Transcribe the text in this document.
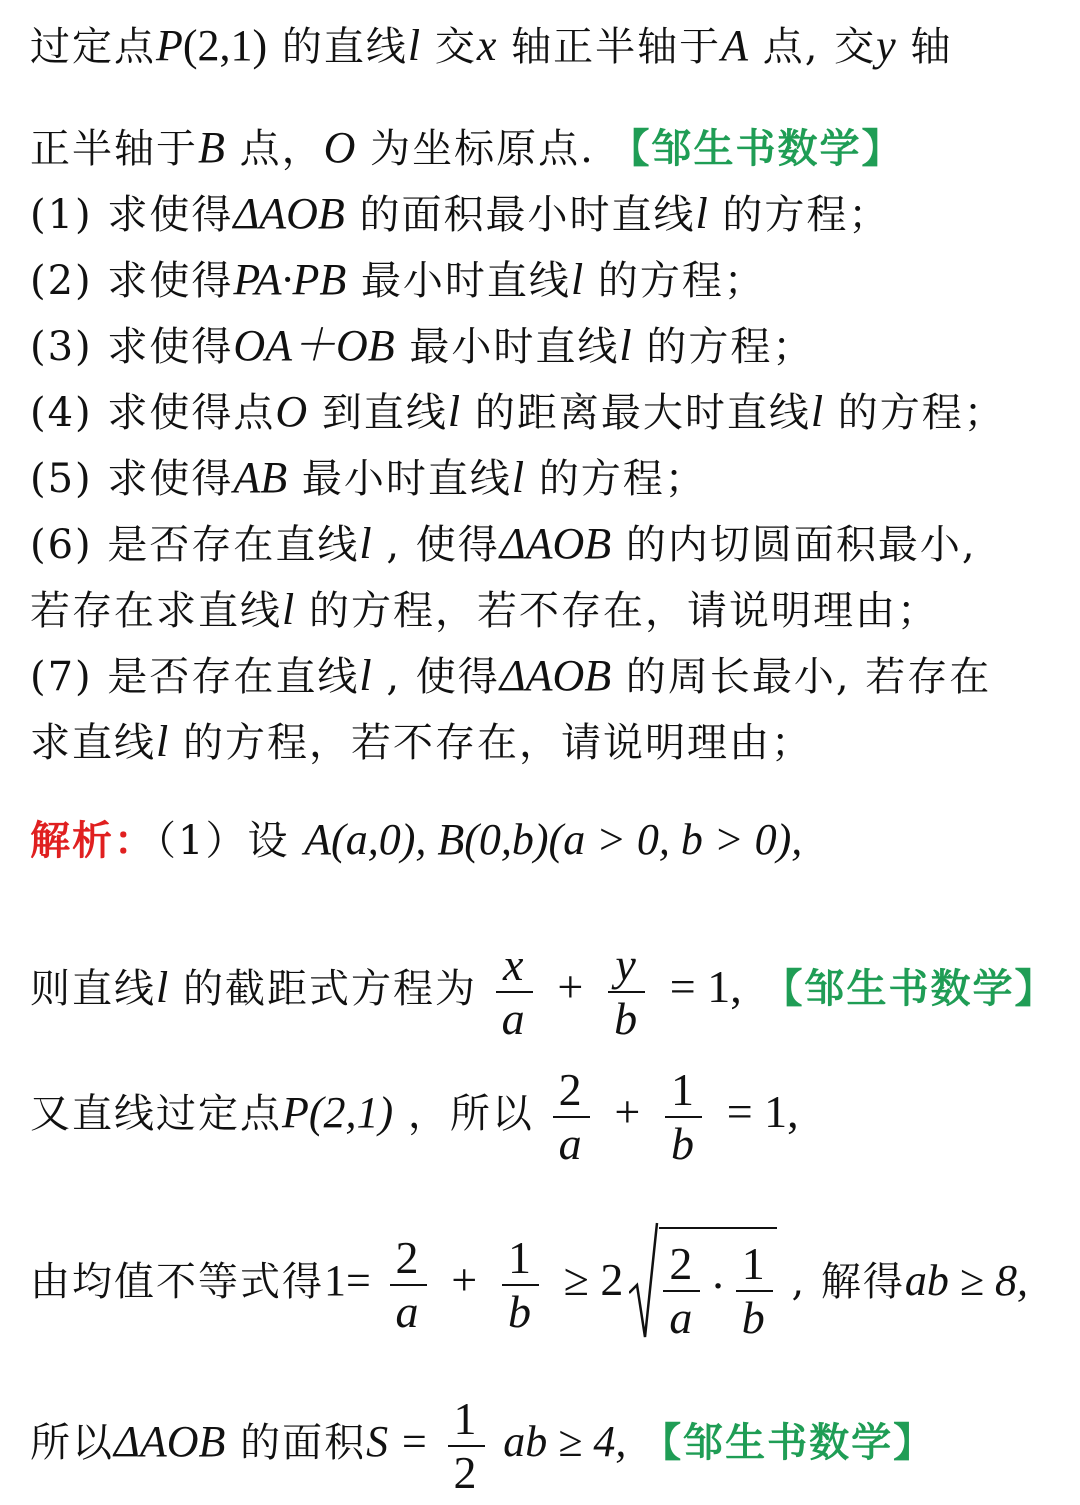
过定点P(2,1) 的直线l 交x 轴正半轴于A 点, 交y 轴
正半轴于B 点，O 为坐标原点. 【邹生书数学】
(1) 求使得ΔAOB 的面积最小时直线l 的方程；
(2) 求使得PA·PB 最小时直线l 的方程；
(3) 求使得OA＋OB 最小时直线l 的方程；
(4) 求使得点O 到直线l 的距离最大时直线l 的方程；
(5) 求使得AB 最小时直线l 的方程；
(6) 是否存在直线l , 使得ΔAOB 的内切圆面积最小,
若存在求直线l 的方程，若不存在，请说明理由；
(7) 是否存在直线l , 使得ΔAOB 的周长最小, 若存在
求直线l 的方程，若不存在，请说明理由；
解析：（1）设 A(a,0), B(0,b)(a > 0, b > 0),
则直线l 的截距式方程为 $\frac{x}{a} + \frac{y}{b} = 1$, 【邹生书数学】
又直线过定点P(2,1) ，所以 $\frac{2}{a} + \frac{1}{b} = 1$,
由均值不等式得$1= \frac{2}{a} + \frac{1}{b} \ge 2 \frac{2}{a} \cdot \frac{1}{b}$ , 解得ab ≥ 8,
所以ΔAOB 的面积$S = \frac{1}{2}$ ab ≥ 4, 【邹生书数学】
